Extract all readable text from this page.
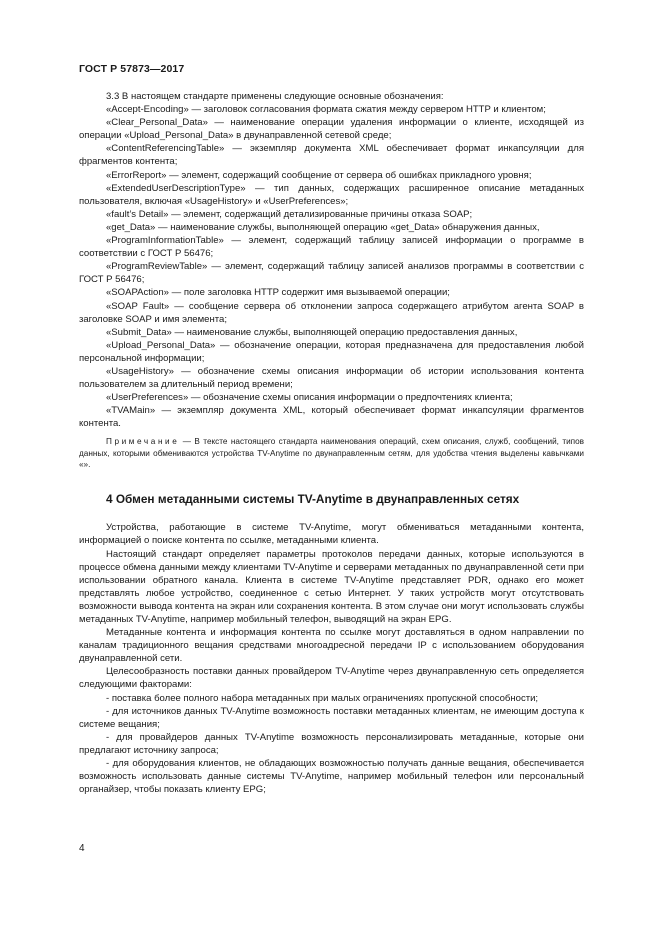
ГОСТ Р 57873—2017

3.3 В настоящем стандарте применены следующие основные обозначения:

«Accept-Encoding» — заголовок согласования формата сжатия между сервером HTTP и клиентом;

«Clear_Personal_Data» — наименование операции удаления информации о клиенте, исходящей из операции «Upload_Personal_Data» в двунаправленной сетевой среде;

«ContentReferencingTable» — экземпляр документа XML обеспечивает формат инкапсуляции для фрагментов контента;

«ErrorReport» — элемент, содержащий сообщение от сервера об ошибках прикладного уровня;

«ExtendedUserDescriptionType» — тип данных, содержащих расширенное описание метаданных пользователя, включая «UsageHistory» и «UserPreferences»;

«fault’s Detail» — элемент, содержащий детализированные причины отказа SOAP;

«get_Data» — наименование службы, выполняющей операцию «get_Data» обнаружения данных,

«ProgramInformationTable» — элемент, содержащий таблицу записей информации о программе в соответствии с ГОСТ Р 56476;

«ProgramReviewTable» — элемент, содержащий таблицу записей анализов программы в соответствии с ГОСТ Р 56476;

«SOAPAction» — поле заголовка HTTP содержит имя вызываемой операции;

«SOAP Fault» — сообщение сервера об отклонении запроса содержащего атрибутом агента SOAP в заголовке SOAP и имя элемента;

«Submit_Data» — наименование службы, выполняющей операцию предоставления данных,

«Upload_Personal_Data» — обозначение операции, которая предназначена для предоставления любой персональной информации;

«UsageHistory» — обозначение схемы описания информации об истории использования контента пользователем за длительный период времени;

«UserPreferences» — обозначение схемы описания информации о предпочтениях клиента;

«TVAMain» — экземпляр документа XML, который обеспечивает формат инкапсуляции фрагментов контента.

Примечание — В тексте настоящего стандарта наименования операций, схем описания, служб, сообщений, типов данных, которыми обмениваются устройства TV-Anytime по двунаправленным сетям, для удобства чтения выделены кавычками «».

4 Обмен метаданными системы TV-Anytime в двунаправленных сетях

Устройства, работающие в системе TV-Anytime, могут обмениваться метаданными контента, информацией о поиске контента по ссылке, метаданными клиента.

Настоящий стандарт определяет параметры протоколов передачи данных, которые используются в процессе обмена данными между клиентами TV-Anytime и серверами метаданных по двунаправленной сети при использовании обратного канала. Клиента в системе TV-Anytime представляет PDR, однако его может представлять любое устройство, соединенное с сетью Интернет. У таких устройств могут отсутствовать возможности вывода контента на экран или сохранения контента. В этом случае они могут использовать службы метаданных TV-Anytime, например мобильный телефон, выводящий на экран EPG.

Метаданные контента и информация контента по ссылке могут доставляться в одном направлении по каналам традиционного вещания средствами многоадресной передачи IP с использованием оборудования двунаправленной сети.

Целесообразность поставки данных провайдером TV-Anytime через двунаправленную сеть определяется следующими факторами:

- поставка более полного набора метаданных при малых ограничениях пропускной способности;

- для источников данных TV-Anytime возможность поставки метаданных клиентам, не имеющим доступа к системе вещания;

- для провайдеров данных TV-Anytime возможность персонализировать метаданные, которые они предлагают источнику запроса;

- для оборудования клиентов, не обладающих возможностью получать данные вещания, обеспечивается возможность использовать данные системы TV-Anytime, например мобильный телефон или персональный органайзер, чтобы показать клиенту EPG;

4
